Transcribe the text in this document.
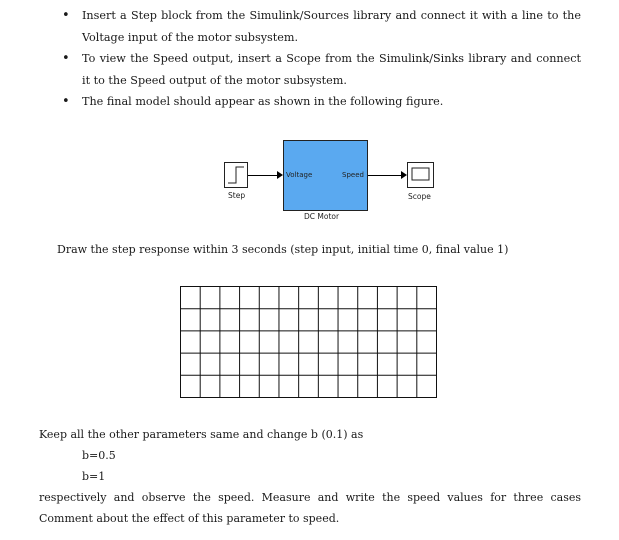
• Insert a Step block from the Simulink/Sources library and connect it with a line to the Voltage input of the motor subsystem.
• To view the Speed output, insert a Scope from the Simulink/Sinks library and connect it to the Speed output of the motor subsystem.
• The final model should appear as shown in the following figure.
Step
Voltage	Speed
DC Motor
Scope
Draw the step response within 3 seconds (step input, initial time 0, final value 1)
Keep all the other parameters same and change b (0.1) as
b=0.5
b=1
respectively and observe the speed. Measure and write the speed values for three cases
Comment about the effect of this parameter to speed.
